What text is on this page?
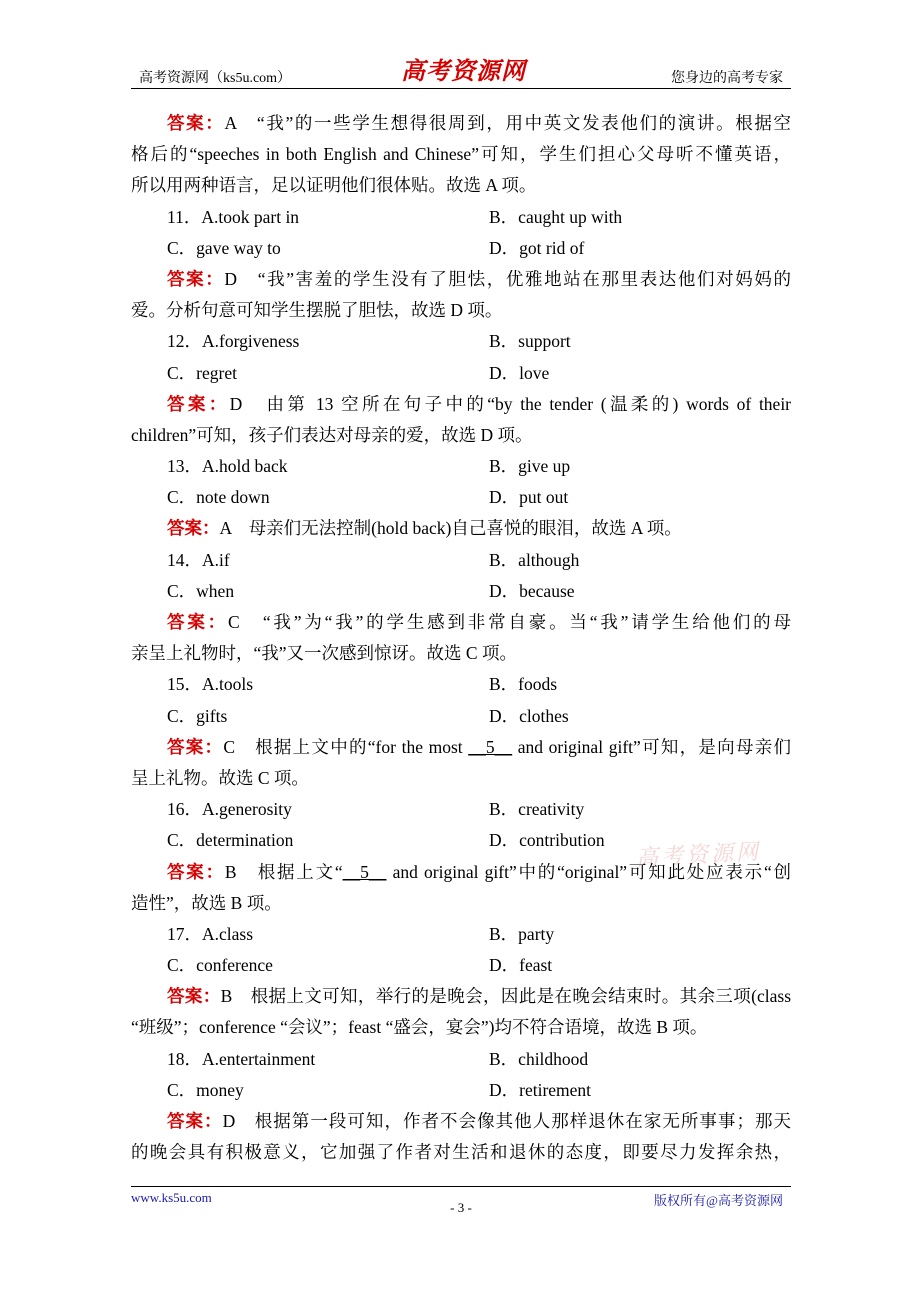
高考资源网（ks5u.com）	高考资源网	您身边的高考专家
答案：A　 “我”的一些学生想得很周到，用中英文发表他们的演讲。根据空
格后的“speeches in both English and Chinese”可知，学生们担心父母听不懂英语，
所以用两种语言，足以证明他们很体贴。故选 A 项。
11．A.took part in	B．caught up with
C．gave way to	D．got rid of
答案：D　 “我”害羞的学生没有了胆怯，优雅地站在那里表达他们对妈妈的
爱。分析句意可知学生摆脱了胆怯，故选 D 项。
12．A.forgiveness	B．support
C．regret	D．love
答案：D　 由第 13 空所在句子中的“by the tender (温柔的) words of their
children”可知，孩子们表达对母亲的爱，故选 D 项。
13．A.hold back	B．give up
C．note down	D．put out
答案：A　 母亲们无法控制(hold back)自己喜悦的眼泪，故选 A 项。
14．A.if	B．although
C．when	D．because
答案：C　 “我”为“我”的学生感到非常自豪。当“我”请学生给他们的母
亲呈上礼物时，“我”又一次感到惊讶。故选 C 项。
15．A.tools	B．foods
C．gifts	D．clothes
答案：C　 根据上文中的“for the most __5__ and original gift”可知，是向母亲们
呈上礼物。故选 C 项。
16．A.generosity	B．creativity
C．determination	D．contribution
答案：B　 根据上文“__5__ and original gift”中的“original”可知此处应表示“创
造性”，故选 B 项。
17．A.class	B．party
C．conference	D．feast
答案：B　 根据上文可知，举行的是晚会，因此是在晚会结束时。其余三项(class
“班级”；conference “会议”；feast “盛会，宴会”)均不符合语境，故选 B 项。
18．A.entertainment	B．childhood
C．money	D．retirement
答案：D　 根据第一段可知，作者不会像其他人那样退休在家无所事事；那天
的晚会具有积极意义，它加强了作者对生活和退休的态度，即要尽力发挥余热，
高考资源网
www.ks5u.com
- 3 -	版权所有@高考资源网
